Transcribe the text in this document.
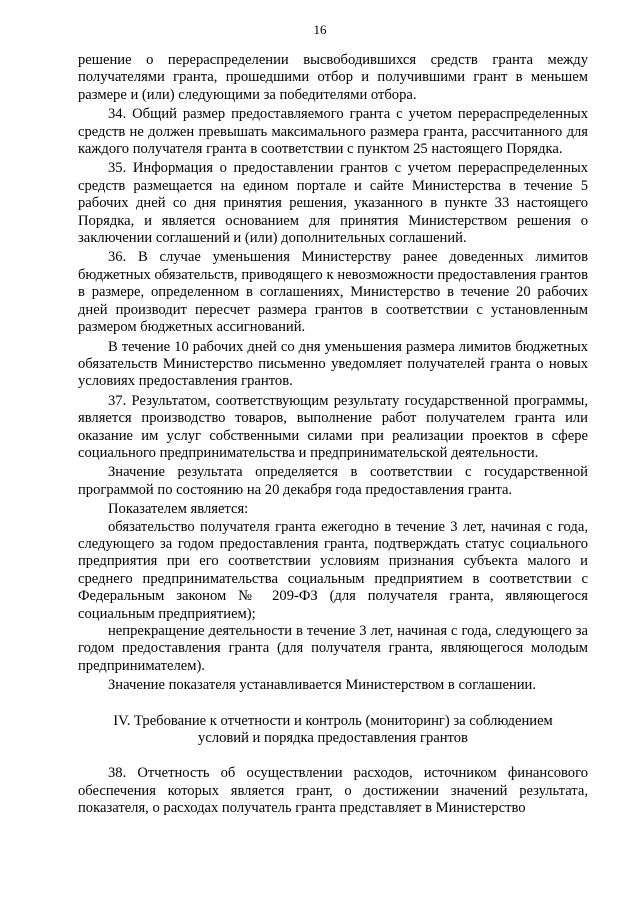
16

решение о перераспределении высвободившихся средств гранта между получателями гранта, прошедшими отбор и получившими грант в меньшем размере и (или) следующими за победителями отбора.

34. Общий размер предоставляемого гранта с учетом перераспределенных средств не должен превышать максимального размера гранта, рассчитанного для каждого получателя гранта в соответствии с пунктом 25 настоящего Порядка.

35. Информация о предоставлении грантов с учетом перераспределенных средств размещается на едином портале и сайте Министерства в течение 5 рабочих дней со дня принятия решения, указанного в пункте 33 настоящего Порядка, и является основанием для принятия Министерством решения о заключении соглашений и (или) дополнительных соглашений.

36. В случае уменьшения Министерству ранее доведенных лимитов бюджетных обязательств, приводящего к невозможности предоставления грантов в размере, определенном в соглашениях, Министерство в течение 20 рабочих дней производит пересчет размера грантов в соответствии с установленным размером бюджетных ассигнований.

В течение 10 рабочих дней со дня уменьшения размера лимитов бюджетных обязательств Министерство письменно уведомляет получателей гранта о новых условиях предоставления грантов.

37. Результатом, соответствующим результату государственной программы, является производство товаров, выполнение работ получателем гранта или оказание им услуг собственными силами при реализации проектов в сфере социального предпринимательства и предпринимательской деятельности.

Значение результата определяется в соответствии с государственной программой по состоянию на 20 декабря года предоставления гранта.

Показателем является:

обязательство получателя гранта ежегодно в течение 3 лет, начиная с года, следующего за годом предоставления гранта, подтверждать статус социального предприятия при его соответствии условиям признания субъекта малого и среднего предпринимательства социальным предприятием в соответствии с Федеральным законом № 209-ФЗ (для получателя гранта, являющегося социальным предприятием);

непрекращение деятельности в течение 3 лет, начиная с года, следующего за годом предоставления гранта (для получателя гранта, являющегося молодым предпринимателем).

Значение показателя устанавливается Министерством в соглашении.

IV. Требование к отчетности и контроль (мониторинг) за соблюдением условий и порядка предоставления грантов

38. Отчетность об осуществлении расходов, источником финансового обеспечения которых является грант, о достижении значений результата, показателя, о расходах получатель гранта представляет в Министерство
